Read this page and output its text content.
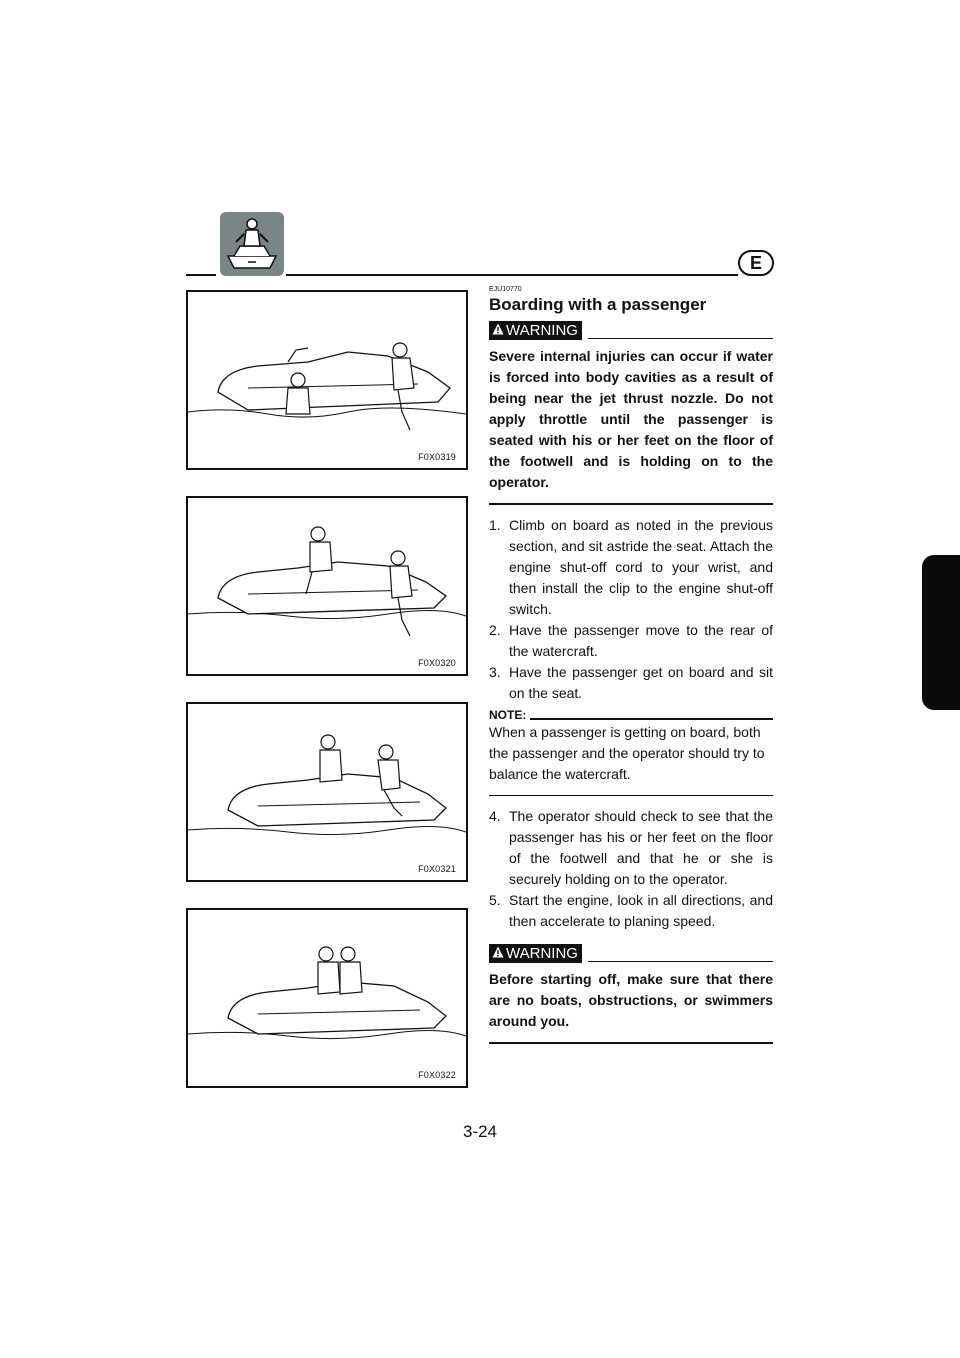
E
F0X0319
F0X0320
F0X0321
F0X0322
EJU10770
Boarding with a passenger
WARNING
Severe internal injuries can occur if water is forced into body cavities as a result of being near the jet thrust nozzle. Do not apply throttle until the passenger is seated with his or her feet on the floor of the footwell and is holding on to the operator.
1. Climb on board as noted in the previous section, and sit astride the seat. Attach the engine shut-off cord to your wrist, and then install the clip to the engine shut-off switch.
2. Have the passenger move to the rear of the watercraft.
3. Have the passenger get on board and sit on the seat.
NOTE:
When a passenger is getting on board, both the passenger and the operator should try to balance the watercraft.
4. The operator should check to see that the passenger has his or her feet on the floor of the footwell and that he or she is securely holding on to the operator.
5. Start the engine, look in all directions, and then accelerate to planing speed.
WARNING
Before starting off, make sure that there are no boats, obstructions, or swimmers around you.
3-24
